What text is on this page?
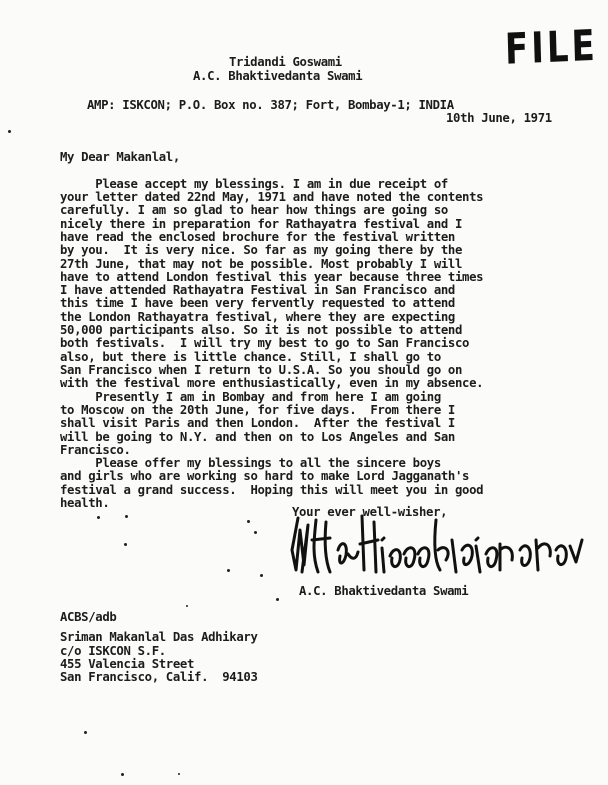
FILE
Tridandi Goswami
A.C. Bhaktivedanta Swami
AMP: ISKCON; P.O. Box no. 387; Fort, Bombay-1; INDIA
10th June, 1971
My Dear Makanlal,
Please accept my blessings. I am in due receipt of
your letter dated 22nd May, 1971 and have noted the contents
carefully. I am so glad to hear how things are going so
nicely there in preparation for Rathayatra festival and I
have read the enclosed brochure for the festival written
by you.  It is very nice. So far as my going there by the
27th June, that may not be possible. Most probably I will
have to attend London festival this year because three times
I have attended Rathayatra Festival in San Francisco and
this time I have been very fervently requested to attend
the London Rathayatra festival, where they are expecting
50,000 participants also. So it is not possible to attend
both festivals.  I will try my best to go to San Francisco
also, but there is little chance. Still, I shall go to
San Francisco when I return to U.S.A. So you should go on
with the festival more enthusiastically, even in my absence.
Presently I am in Bombay and from here I am going
to Moscow on the 20th June, for five days.  From there I
shall visit Paris and then London.  After the festival I
will be going to N.Y. and then on to Los Angeles and San
Francisco.
Please offer my blessings to all the sincere boys
and girls who are working so hard to make Lord Jagganath's
festival a grand success.  Hoping this will meet you in good
health.
Your ever well-wisher,
A.C. Bhaktivedanta Swami
ACBS/adb
Sriman Makanlal Das Adhikary
c/o ISKCON S.F.
455 Valencia Street
San Francisco, Calif.  94103
